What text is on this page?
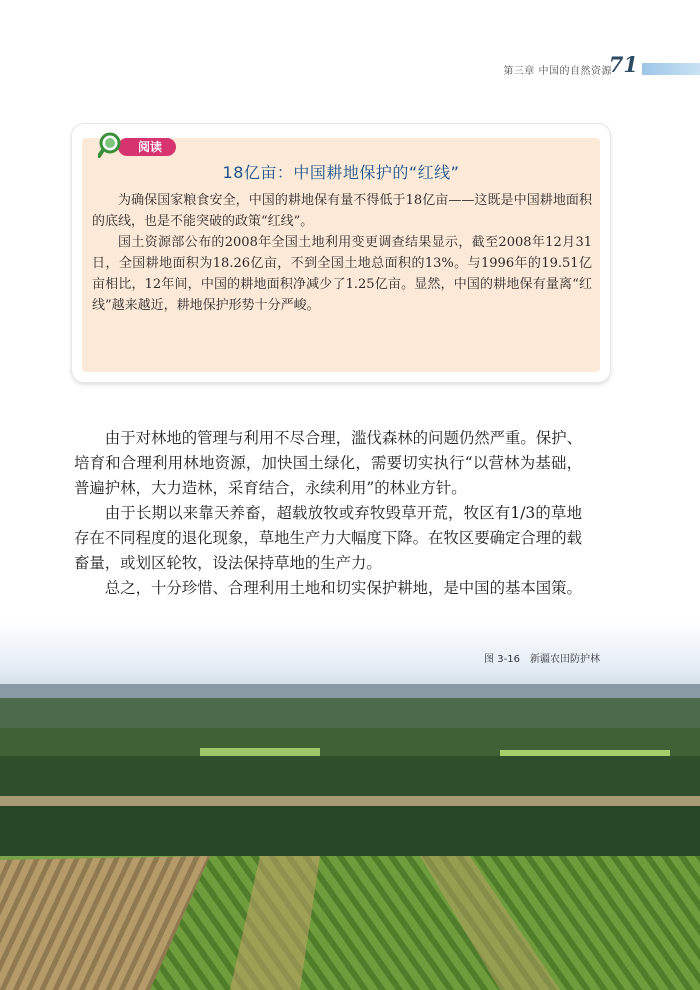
第三章 中国的自然资源
71
阅读
18亿亩：中国耕地保护的“红线”

为确保国家粮食安全，中国的耕地保有量不得低于18亿亩——这既是中国耕地面积的底线，也是不能突破的政策“红线”。

国土资源部公布的2008年全国土地利用变更调查结果显示，截至2008年12月31日，全国耕地面积为18.26亿亩，不到全国土地总面积的13%。与1996年的19.51亿亩相比，12年间，中国的耕地面积净减少了1.25亿亩。显然，中国的耕地保有量离“红线”越来越近，耕地保护形势十分严峻。

由于对林地的管理与利用不尽合理，滥伐森林的问题仍然严重。保护、培育和合理利用林地资源，加快国土绿化，需要切实执行“以营林为基础，普遍护林，大力造林，采育结合，永续利用”的林业方针。

由于长期以来靠天养畜，超载放牧或弃牧毁草开荒，牧区有1/3的草地存在不同程度的退化现象，草地生产力大幅度下降。在牧区要确定合理的载畜量，或划区轮牧，设法保持草地的生产力。

总之，十分珍惜、合理利用土地和切实保护耕地，是中国的基本国策。

图 3-16 新疆农田防护林
